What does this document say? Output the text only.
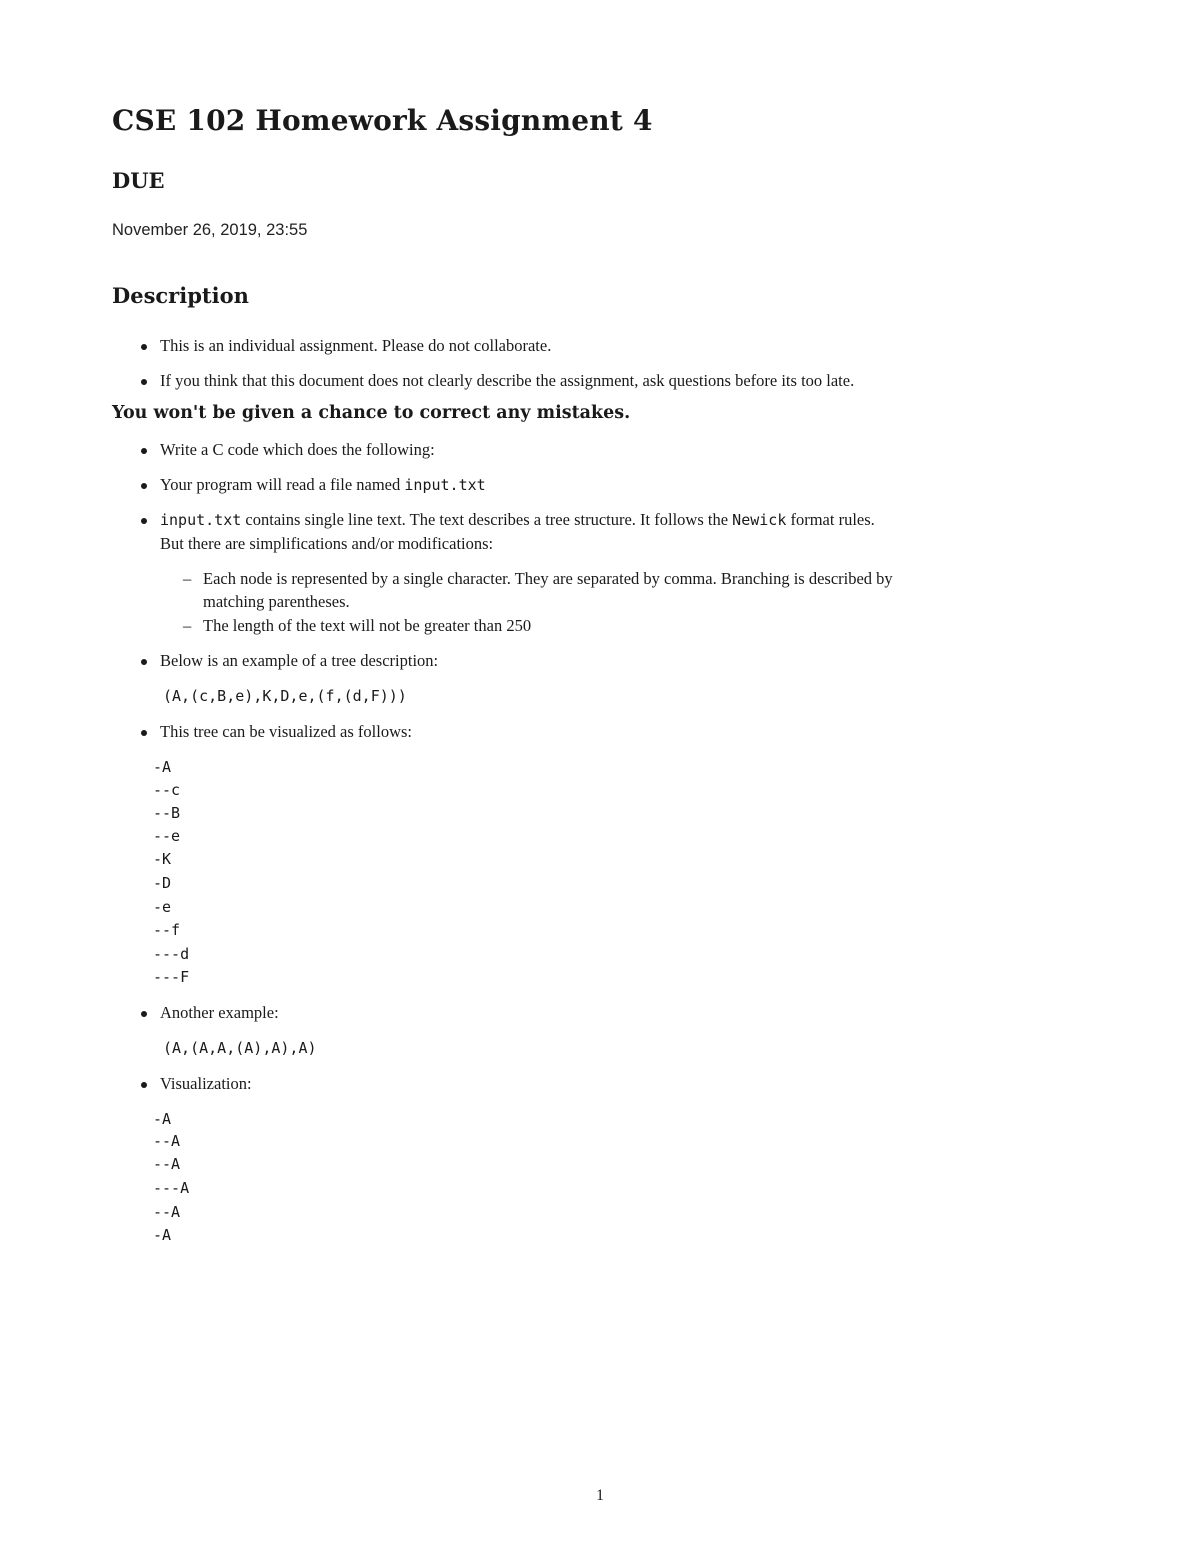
CSE 102 Homework Assignment 4
DUE
November 26, 2019, 23:55
Description
This is an individual assignment. Please do not collaborate.
If you think that this document does not clearly describe the assignment, ask questions before its too late.
You won't be given a chance to correct any mistakes.
Write a C code which does the following:
Your program will read a file named input.txt
input.txt contains single line text. The text describes a tree structure. It follows the Newick format rules.
But there are simplifications and/or modifications:
– Each node is represented by a single character. They are separated by comma. Branching is described by
matching parentheses.
– The length of the text will not be greater than 250
Below is an example of a tree description:
(A,(c,B,e),K,D,e,(f,(d,F)))
This tree can be visualized as follows:
-A
--c
--B
--e
-K
-D
-e
--f
---d
---F
Another example:
(A,(A,A,(A),A),A)
Visualization:
-A
--A
--A
---A
--A
-A
1
